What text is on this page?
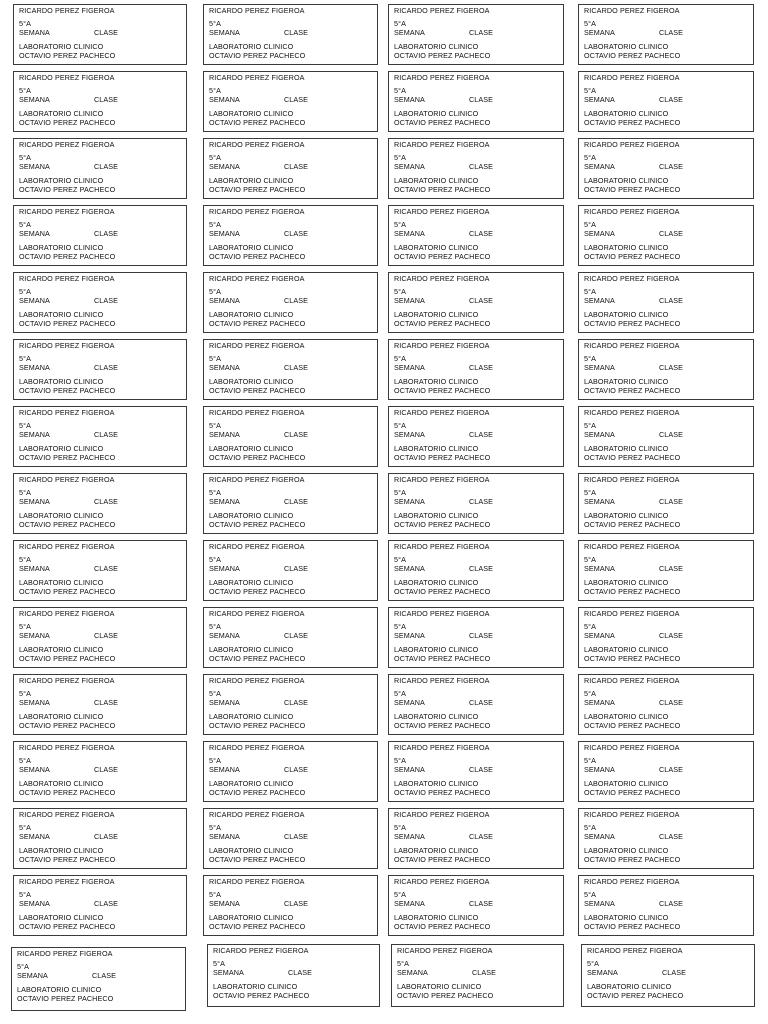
RICARDO PEREZ FIGEROA
5°A
SEMANA	CLASE
LABORATORIO CLINICO
OCTAVIO PEREZ PACHECO
RICARDO PEREZ FIGEROA
5°A
SEMANA	CLASE
LABORATORIO CLINICO
OCTAVIO PEREZ PACHECO
RICARDO PEREZ FIGEROA
5°A
SEMANA	CLASE
LABORATORIO CLINICO
OCTAVIO PEREZ PACHECO
RICARDO PEREZ FIGEROA
5°A
SEMANA	CLASE
LABORATORIO CLINICO
OCTAVIO PEREZ PACHECO
RICARDO PEREZ FIGEROA
5°A
SEMANA	CLASE
LABORATORIO CLINICO
OCTAVIO PEREZ PACHECO
RICARDO PEREZ FIGEROA
5°A
SEMANA	CLASE
LABORATORIO CLINICO
OCTAVIO PEREZ PACHECO
RICARDO PEREZ FIGEROA
5°A
SEMANA	CLASE
LABORATORIO CLINICO
OCTAVIO PEREZ PACHECO
RICARDO PEREZ FIGEROA
5°A
SEMANA	CLASE
LABORATORIO CLINICO
OCTAVIO PEREZ PACHECO
RICARDO PEREZ FIGEROA
5°A
SEMANA	CLASE
LABORATORIO CLINICO
OCTAVIO PEREZ PACHECO
RICARDO PEREZ FIGEROA
5°A
SEMANA	CLASE
LABORATORIO CLINICO
OCTAVIO PEREZ PACHECO
RICARDO PEREZ FIGEROA
5°A
SEMANA	CLASE
LABORATORIO CLINICO
OCTAVIO PEREZ PACHECO
RICARDO PEREZ FIGEROA
5°A
SEMANA	CLASE
LABORATORIO CLINICO
OCTAVIO PEREZ PACHECO
RICARDO PEREZ FIGEROA
5°A
SEMANA	CLASE
LABORATORIO CLINICO
OCTAVIO PEREZ PACHECO
RICARDO PEREZ FIGEROA
5°A
SEMANA	CLASE
LABORATORIO CLINICO
OCTAVIO PEREZ PACHECO
RICARDO PEREZ FIGEROA
5°A
SEMANA	CLASE
LABORATORIO CLINICO
OCTAVIO PEREZ PACHECO
RICARDO PEREZ FIGEROA
5°A
SEMANA	CLASE
LABORATORIO CLINICO
OCTAVIO PEREZ PACHECO
RICARDO PEREZ FIGEROA
5°A
SEMANA	CLASE
LABORATORIO CLINICO
OCTAVIO PEREZ PACHECO
RICARDO PEREZ FIGEROA
5°A
SEMANA	CLASE
LABORATORIO CLINICO
OCTAVIO PEREZ PACHECO
RICARDO PEREZ FIGEROA
5°A
SEMANA	CLASE
LABORATORIO CLINICO
OCTAVIO PEREZ PACHECO
RICARDO PEREZ FIGEROA
5°A
SEMANA	CLASE
LABORATORIO CLINICO
OCTAVIO PEREZ PACHECO
RICARDO PEREZ FIGEROA
5°A
SEMANA	CLASE
LABORATORIO CLINICO
OCTAVIO PEREZ PACHECO
RICARDO PEREZ FIGEROA
5°A
SEMANA	CLASE
LABORATORIO CLINICO
OCTAVIO PEREZ PACHECO
RICARDO PEREZ FIGEROA
5°A
SEMANA	CLASE
LABORATORIO CLINICO
OCTAVIO PEREZ PACHECO
RICARDO PEREZ FIGEROA
5°A
SEMANA	CLASE
LABORATORIO CLINICO
OCTAVIO PEREZ PACHECO
RICARDO PEREZ FIGEROA
5°A
SEMANA	CLASE
LABORATORIO CLINICO
OCTAVIO PEREZ PACHECO
RICARDO PEREZ FIGEROA
5°A
SEMANA	CLASE
LABORATORIO CLINICO
OCTAVIO PEREZ PACHECO
RICARDO PEREZ FIGEROA
5°A
SEMANA	CLASE
LABORATORIO CLINICO
OCTAVIO PEREZ PACHECO
RICARDO PEREZ FIGEROA
5°A
SEMANA	CLASE
LABORATORIO CLINICO
OCTAVIO PEREZ PACHECO
RICARDO PEREZ FIGEROA
5°A
SEMANA	CLASE
LABORATORIO CLINICO
OCTAVIO PEREZ PACHECO
RICARDO PEREZ FIGEROA
5°A
SEMANA	CLASE
LABORATORIO CLINICO
OCTAVIO PEREZ PACHECO
RICARDO PEREZ FIGEROA
5°A
SEMANA	CLASE
LABORATORIO CLINICO
OCTAVIO PEREZ PACHECO
RICARDO PEREZ FIGEROA
5°A
SEMANA	CLASE
LABORATORIO CLINICO
OCTAVIO PEREZ PACHECO
RICARDO PEREZ FIGEROA
5°A
SEMANA	CLASE
LABORATORIO CLINICO
OCTAVIO PEREZ PACHECO
RICARDO PEREZ FIGEROA
5°A
SEMANA	CLASE
LABORATORIO CLINICO
OCTAVIO PEREZ PACHECO
RICARDO PEREZ FIGEROA
5°A
SEMANA	CLASE
LABORATORIO CLINICO
OCTAVIO PEREZ PACHECO
RICARDO PEREZ FIGEROA
5°A
SEMANA	CLASE
LABORATORIO CLINICO
OCTAVIO PEREZ PACHECO
RICARDO PEREZ FIGEROA
5°A
SEMANA	CLASE
LABORATORIO CLINICO
OCTAVIO PEREZ PACHECO
RICARDO PEREZ FIGEROA
5°A
SEMANA	CLASE
LABORATORIO CLINICO
OCTAVIO PEREZ PACHECO
RICARDO PEREZ FIGEROA
5°A
SEMANA	CLASE
LABORATORIO CLINICO
OCTAVIO PEREZ PACHECO
RICARDO PEREZ FIGEROA
5°A
SEMANA	CLASE
LABORATORIO CLINICO
OCTAVIO PEREZ PACHECO
RICARDO PEREZ FIGEROA
5°A
SEMANA	CLASE
LABORATORIO CLINICO
OCTAVIO PEREZ PACHECO
RICARDO PEREZ FIGEROA
5°A
SEMANA	CLASE
LABORATORIO CLINICO
OCTAVIO PEREZ PACHECO
RICARDO PEREZ FIGEROA
5°A
SEMANA	CLASE
LABORATORIO CLINICO
OCTAVIO PEREZ PACHECO
RICARDO PEREZ FIGEROA
5°A
SEMANA	CLASE
LABORATORIO CLINICO
OCTAVIO PEREZ PACHECO
RICARDO PEREZ FIGEROA
5°A
SEMANA	CLASE
LABORATORIO CLINICO
OCTAVIO PEREZ PACHECO
RICARDO PEREZ FIGEROA
5°A
SEMANA	CLASE
LABORATORIO CLINICO
OCTAVIO PEREZ PACHECO
RICARDO PEREZ FIGEROA
5°A
SEMANA	CLASE
LABORATORIO CLINICO
OCTAVIO PEREZ PACHECO
RICARDO PEREZ FIGEROA
5°A
SEMANA	CLASE
LABORATORIO CLINICO
OCTAVIO PEREZ PACHECO
RICARDO PEREZ FIGEROA
5°A
SEMANA	CLASE
LABORATORIO CLINICO
OCTAVIO PEREZ PACHECO
RICARDO PEREZ FIGEROA
5°A
SEMANA	CLASE
LABORATORIO CLINICO
OCTAVIO PEREZ PACHECO
RICARDO PEREZ FIGEROA
5°A
SEMANA	CLASE
LABORATORIO CLINICO
OCTAVIO PEREZ PACHECO
RICARDO PEREZ FIGEROA
5°A
SEMANA	CLASE
LABORATORIO CLINICO
OCTAVIO PEREZ PACHECO
RICARDO PEREZ FIGEROA
5°A
SEMANA	CLASE
LABORATORIO CLINICO
OCTAVIO PEREZ PACHECO
RICARDO PEREZ FIGEROA
5°A
SEMANA	CLASE
LABORATORIO CLINICO
OCTAVIO PEREZ PACHECO
RICARDO PEREZ FIGEROA
5°A
SEMANA	CLASE
LABORATORIO CLINICO
OCTAVIO PEREZ PACHECO
RICARDO PEREZ FIGEROA
5°A
SEMANA	CLASE
LABORATORIO CLINICO
OCTAVIO PEREZ PACHECO
RICARDO PEREZ FIGEROA
5°A
SEMANA	CLASE
LABORATORIO CLINICO
OCTAVIO PEREZ PACHECO
RICARDO PEREZ FIGEROA
5°A
SEMANA	CLASE
LABORATORIO CLINICO
OCTAVIO PEREZ PACHECO
RICARDO PEREZ FIGEROA
5°A
SEMANA	CLASE
LABORATORIO CLINICO
OCTAVIO PEREZ PACHECO
RICARDO PEREZ FIGEROA
5°A
SEMANA	CLASE
LABORATORIO CLINICO
OCTAVIO PEREZ PACHECO
